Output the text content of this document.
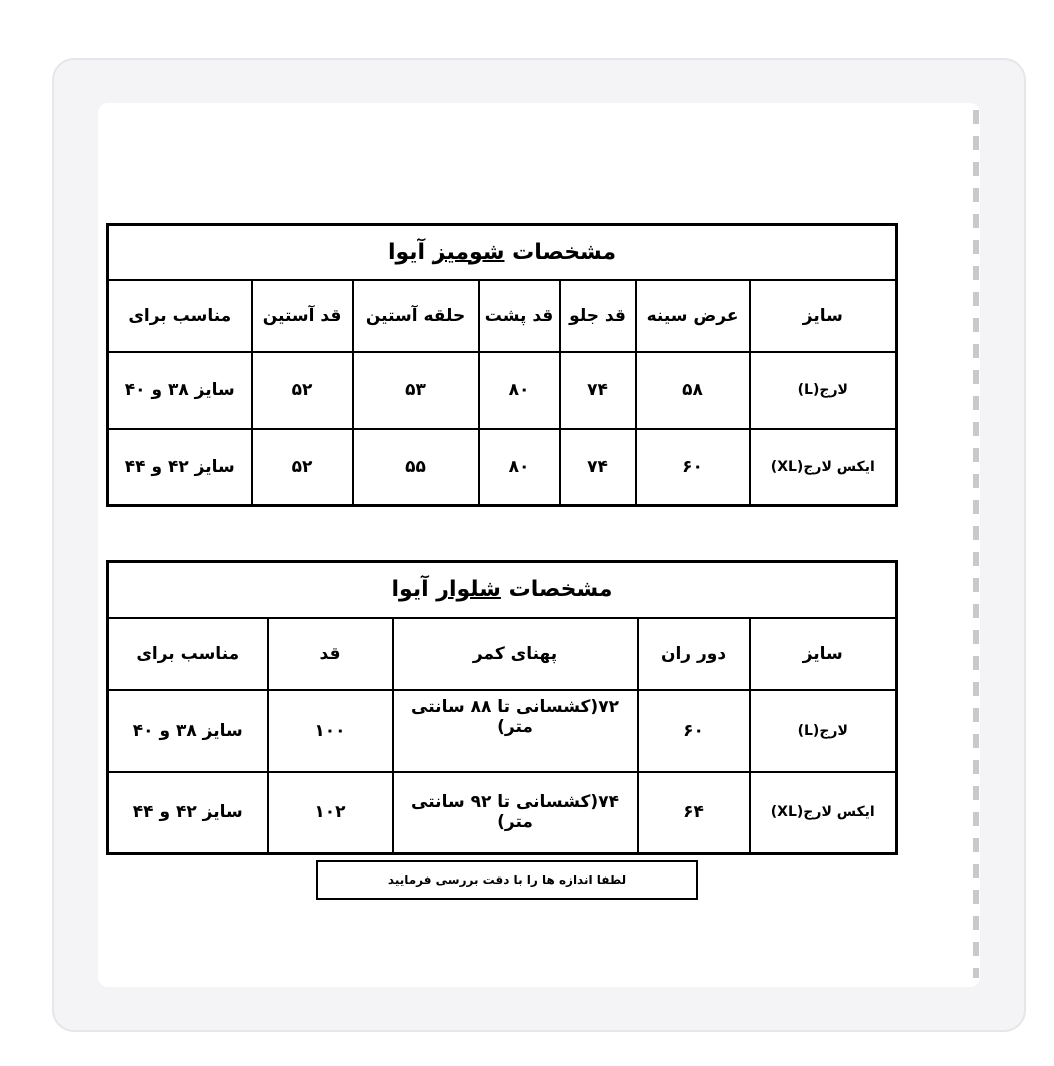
مشخصات شومیز آیوا						
سایز	عرض سینه	قد جلو	قد پشت	حلقه آستین	قد آستین	مناسب برای
لارج(L)	۵۸	۷۴	۸۰	۵۳	۵۲	سایز ۳۸ و ۴۰
ایکس لارج(XL)	۶۰	۷۴	۸۰	۵۵	۵۲	سایز ۴۲ و ۴۴
مشخصات شلوار آیوا				
سایز	دور ران	پهنای کمر	قد	مناسب برای
لارج(L)	۶۰	۷۲(کشسانی تا ۸۸ سانتی متر)	۱۰۰	سایز ۳۸ و ۴۰
ایکس لارج(XL)	۶۴	۷۴(کشسانی تا ۹۲ سانتی متر)	۱۰۲	سایز ۴۲ و ۴۴
لطفا اندازه ها را با دقت بررسی فرمایید
